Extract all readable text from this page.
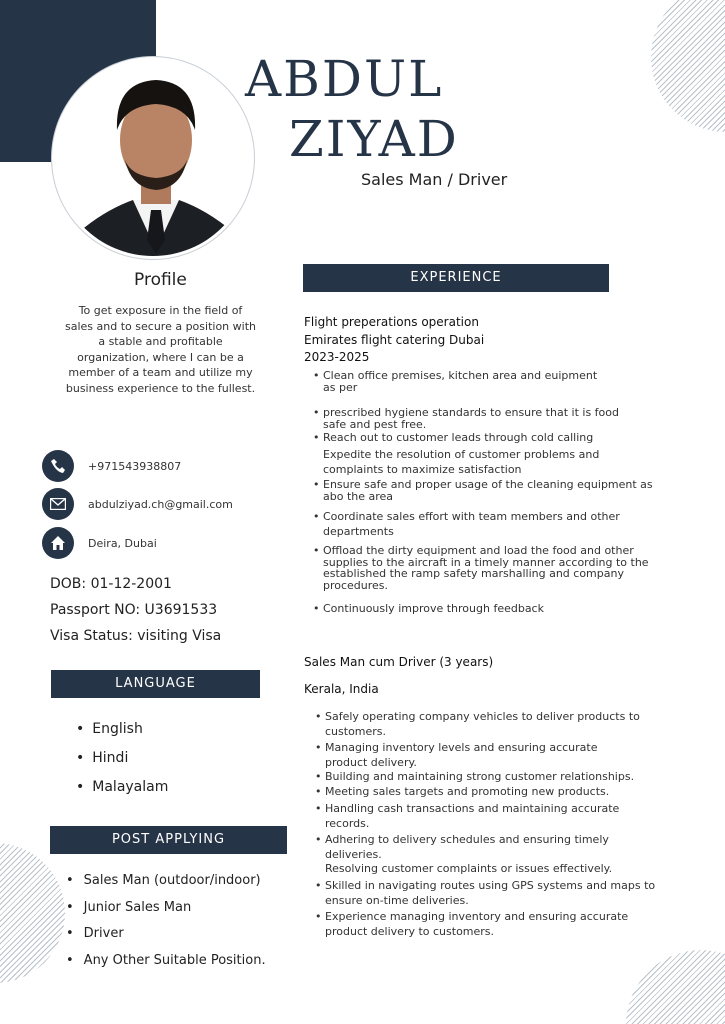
ABDUL
ZIYAD
Sales Man / Driver
Profile
To get exposure in the field of sales and to secure a position with a stable and profitable organization, where I can be a member of a team and utilize my business experience to the fullest.
+971543938807
abdulziyad.ch@gmail.com
Deira, Dubai
DOB: 01-12-2001
Passport NO: U3691533
Visa Status: visiting Visa
LANGUAGE
• English
• Hindi
• Malayalam
POST APPLYING
• Sales Man (outdoor/indoor)
• Junior Sales Man
• Driver
• Any Other Suitable Position.
EXPERIENCE
Flight preperations operation
Emirates flight catering Dubai
2023-2025
• Clean office premises, kitchen area and euipment as per
• prescribed hygiene standards to ensure that it is food safe and pest free.
• Reach out to customer leads through cold calling
Expedite the resolution of customer problems and complaints to maximize satisfaction
• Ensure safe and proper usage of the cleaning equipment as abo the area
• Coordinate sales effort with team members and other departments
• Offload the dirty equipment and load the food and other supplies to the aircraft in a timely manner according to the established the ramp safety marshalling and company procedures.
• Continuously improve through feedback
Sales Man cum Driver (3 years)
Kerala, India
• Safely operating company vehicles to deliver products to customers.
• Managing inventory levels and ensuring accurate product delivery.
• Building and maintaining strong customer relationships.
• Meeting sales targets and promoting new products.
• Handling cash transactions and maintaining accurate records.
• Adhering to delivery schedules and ensuring timely deliveries.
Resolving customer complaints or issues effectively.
• Skilled in navigating routes using GPS systems and maps to ensure on-time deliveries.
• Experience managing inventory and ensuring accurate product delivery to customers.
